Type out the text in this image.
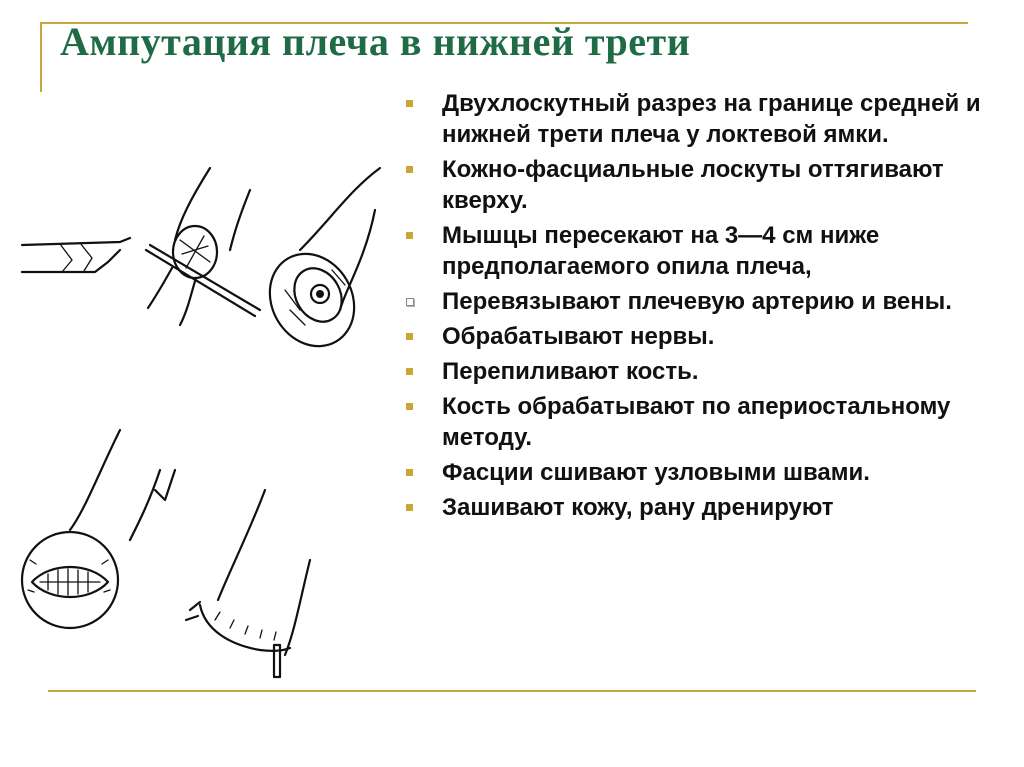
Ампутация плеча в нижней трети
Двухлоскутный разрез на границе средней и нижней трети плеча у локтевой ямки.
Кожно-фасциальные лоскуты оттягивают кверху.
Мышцы пересекают на 3—4 см ниже предполагаемого опила плеча,
Перевязывают плечевую артерию и вены.
Обрабатывают нервы.
Перепиливают кость.
Кость обрабатывают по апериостальному методу.
Фасции сшивают узловыми швами.
Зашивают кожу, рану дренируют
